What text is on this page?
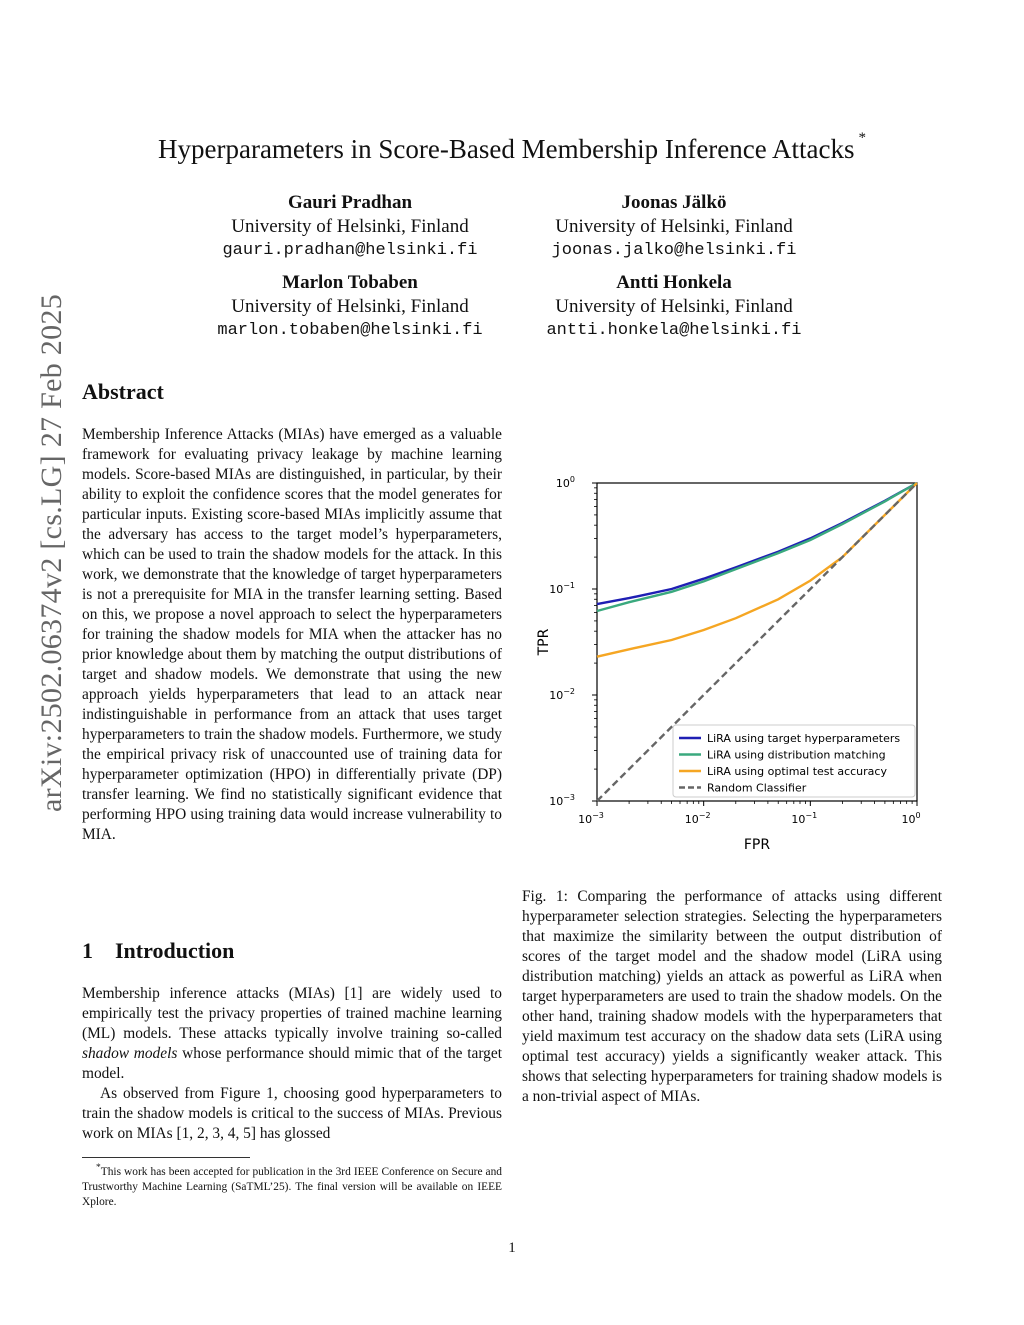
Hyperparameters in Score-Based Membership Inference Attacks *
Gauri Pradhan
University of Helsinki, Finland
gauri.pradhan@helsinki.fi
Joonas Jälkö
University of Helsinki, Finland
joonas.jalko@helsinki.fi
Marlon Tobaben
University of Helsinki, Finland
marlon.tobaben@helsinki.fi
Antti Honkela
University of Helsinki, Finland
antti.honkela@helsinki.fi
arXiv:2502.06374v2 [cs.LG] 27 Feb 2025 Abstract
Membership Inference Attacks (MIAs) have emerged as a valuable framework for evaluating privacy leakage by machine learning models. Score-based MIAs are distinguished, in particular, by their ability to exploit the confidence scores that the model generates for particular inputs. Existing score-based MIAs implicitly assume that the adversary has access to the target model’s hyperparameters, which can be used to train the shadow models for the attack. In this work, we demonstrate that the knowledge of target hyperparameters is not a prerequisite for MIA in the transfer learning setting. Based on this, we propose a novel approach to select the hyperparameters for training the shadow models for MIA when the attacker has no prior knowledge about them by matching the output distributions of target and shadow models. We demonstrate that using the new approach yields hyperparameters that lead to an attack near indistinguishable in performance from an attack that uses target hyperparameters to train the shadow models. Furthermore, we study the empirical privacy risk of unaccounted use of training data for hyperparameter optimization (HPO) in differentially private (DP) transfer learning. We find no statistically significant evidence that performing HPO using training data would increase vulnerability to MIA.
1    Introduction

Membership inference attacks (MIAs) [1] are widely used to empirically test the privacy properties of trained machine learning (ML) models. These attacks typically involve training so-called shadow models whose performance should mimic that of the target model.

As observed from Figure 1, choosing good hyperparameters to train the shadow models is critical to the success of MIAs. Previous work on MIAs [1, 2, 3, 4, 5] has glossed

*This work has been accepted for publication in the 3rd IEEE Conference on Secure and Trustworthy Machine Learning (SaTML’25). The final version will be available on IEEE Xplore.
$10^{-3}$
$10^{-3}$
$10^{-2}$
$10^{-2}$
$10^{-1}$
$10^{-1}$
$10^0$
$10^0$
FPR
TPR
LiRA using target hyperparameters
LiRA using distribution matching
LiRA using optimal test accuracy
Random Classifier
Fig. 1: Comparing the performance of attacks using different hyperparameter selection strategies. Selecting the hyperparameters that maximize the similarity between the output distribution of scores of the target model and the shadow model (LiRA using distribution matching) yields an attack as powerful as LiRA when target hyperparameters are used to train the shadow models. On the other hand, training shadow models with the hyperparameters that yield maximum test accuracy on the shadow data sets (LiRA using optimal test accuracy) yields a significantly weaker attack. This shows that selecting hyperparameters for training shadow models is a non-trivial aspect of MIAs.
1
